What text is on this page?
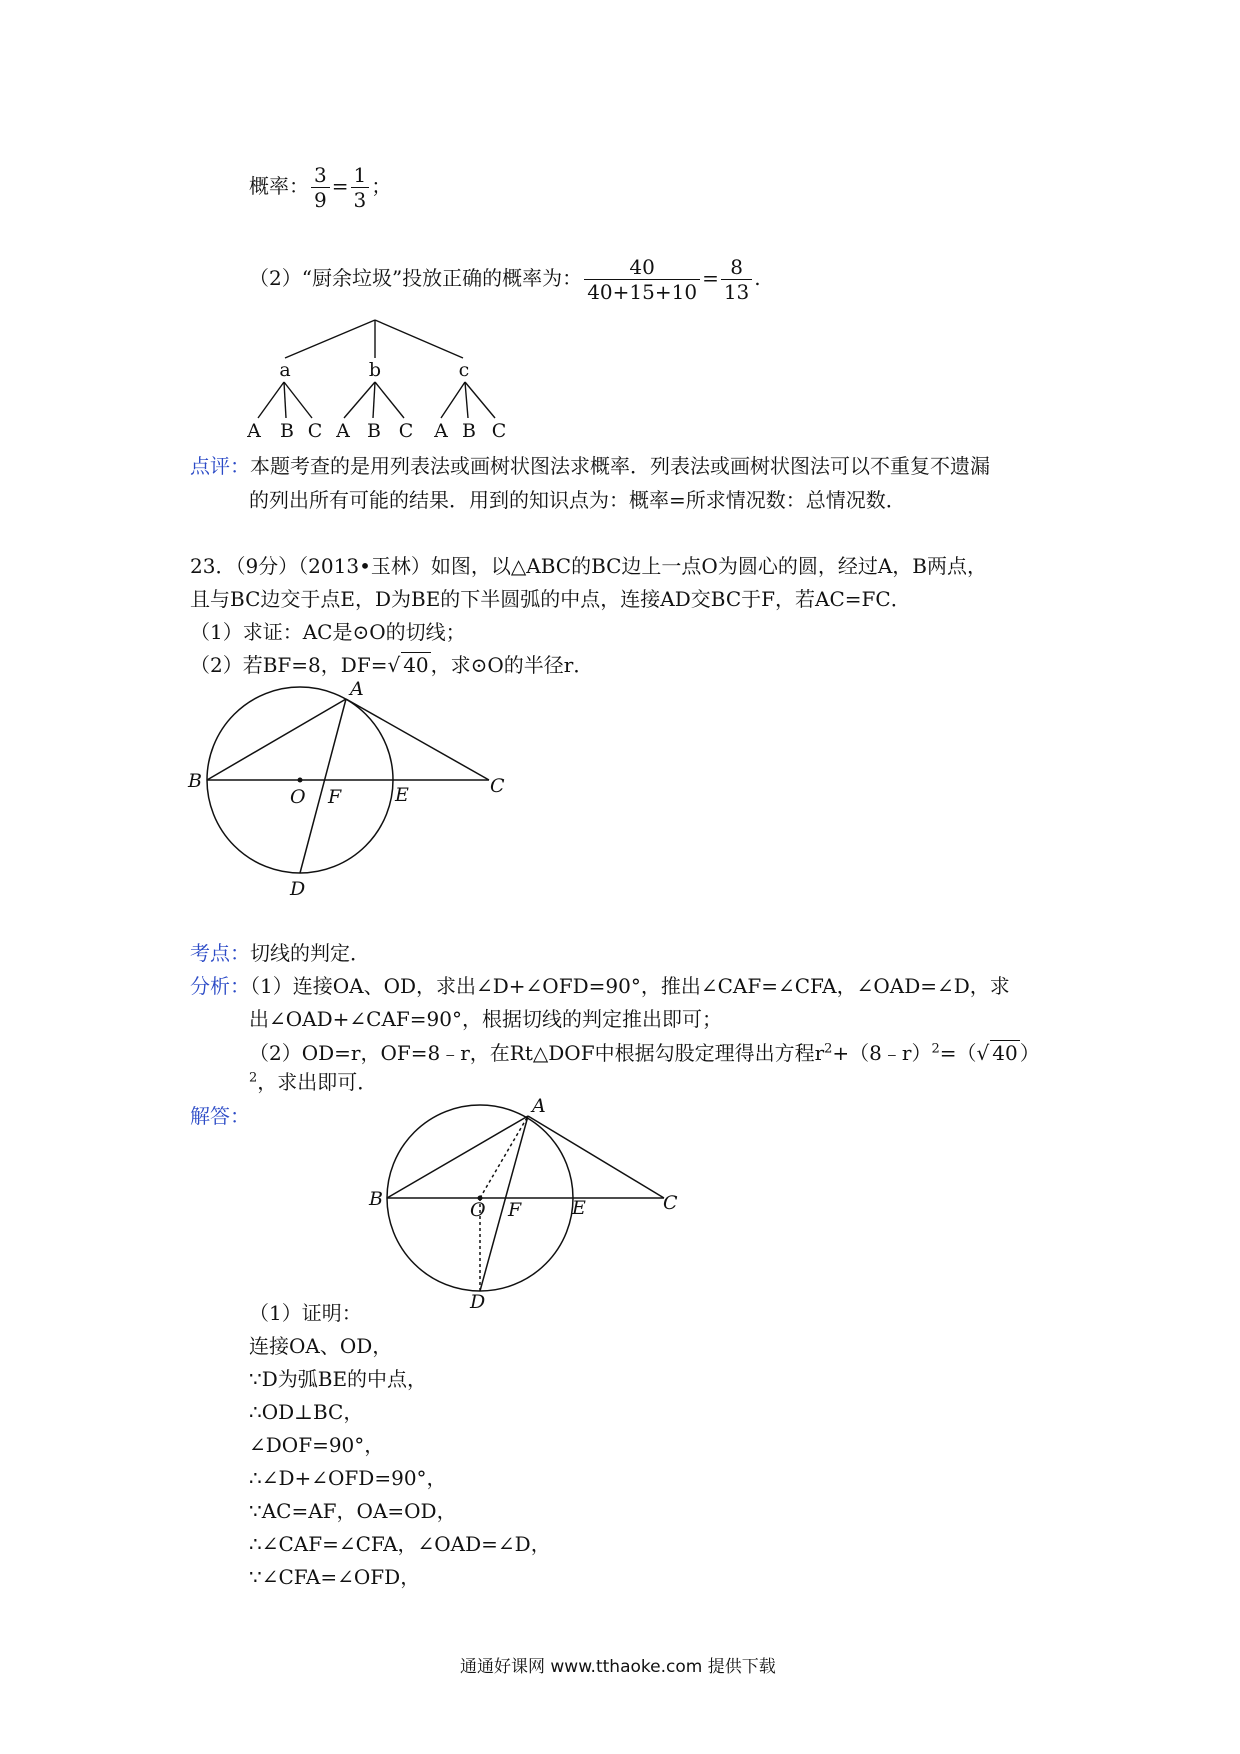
概率： $\frac{3}{9} = \frac{1}{3}$ ；
（2）“厨余垃圾”投放正确的概率为： $\frac{40}{40+15+10} = \frac{8}{13}$ .
a	b	c
A B C A B C A B C
点评：本题考查的是用列表法或画树状图法求概率．列表法或画树状图法可以不重复不遗漏
的列出所有可能的结果．用到的知识点为：概率=所求情况数：总情况数．
23．（9分）（2013•玉林）如图，以△ABC的BC边上一点O为圆心的圆，经过A，B两点，
且与BC边交于点E，D为BE的下半圆弧的中点，连接AD交BC于F，若AC=FC．
（1）求证：AC是⊙O的切线；
（2）若BF=8，DF=√ 40 ，求⊙O的半径r．
A
B	C
O F	E
D
考点：切线的判定．
分析：（1）连接OA、OD，求出∠D+∠OFD=90°，推出∠CAF=∠CFA，∠OAD=∠D，求
出∠OAD+∠CAF=90°，根据切线的判定推出即可；
（2）OD=r，OF=8﹣r，在Rt△DOF中根据勾股定理得出方程$r^2+(8﹣r)^2=(√$ 40 ）
$^2$，求出即可．
解答：	A
B	C
O F	E
D
（1）证明：
连接OA、OD，
∵D为弧BE的中点，
∴OD⊥BC，
∠DOF=90°，
∴∠D+∠OFD=90°，
∵AC=AF，OA=OD，
∴∠CAF=∠CFA，∠OAD=∠D，
∵∠CFA=∠OFD，
通通好课网 www.tthaoke.com 提供下载
